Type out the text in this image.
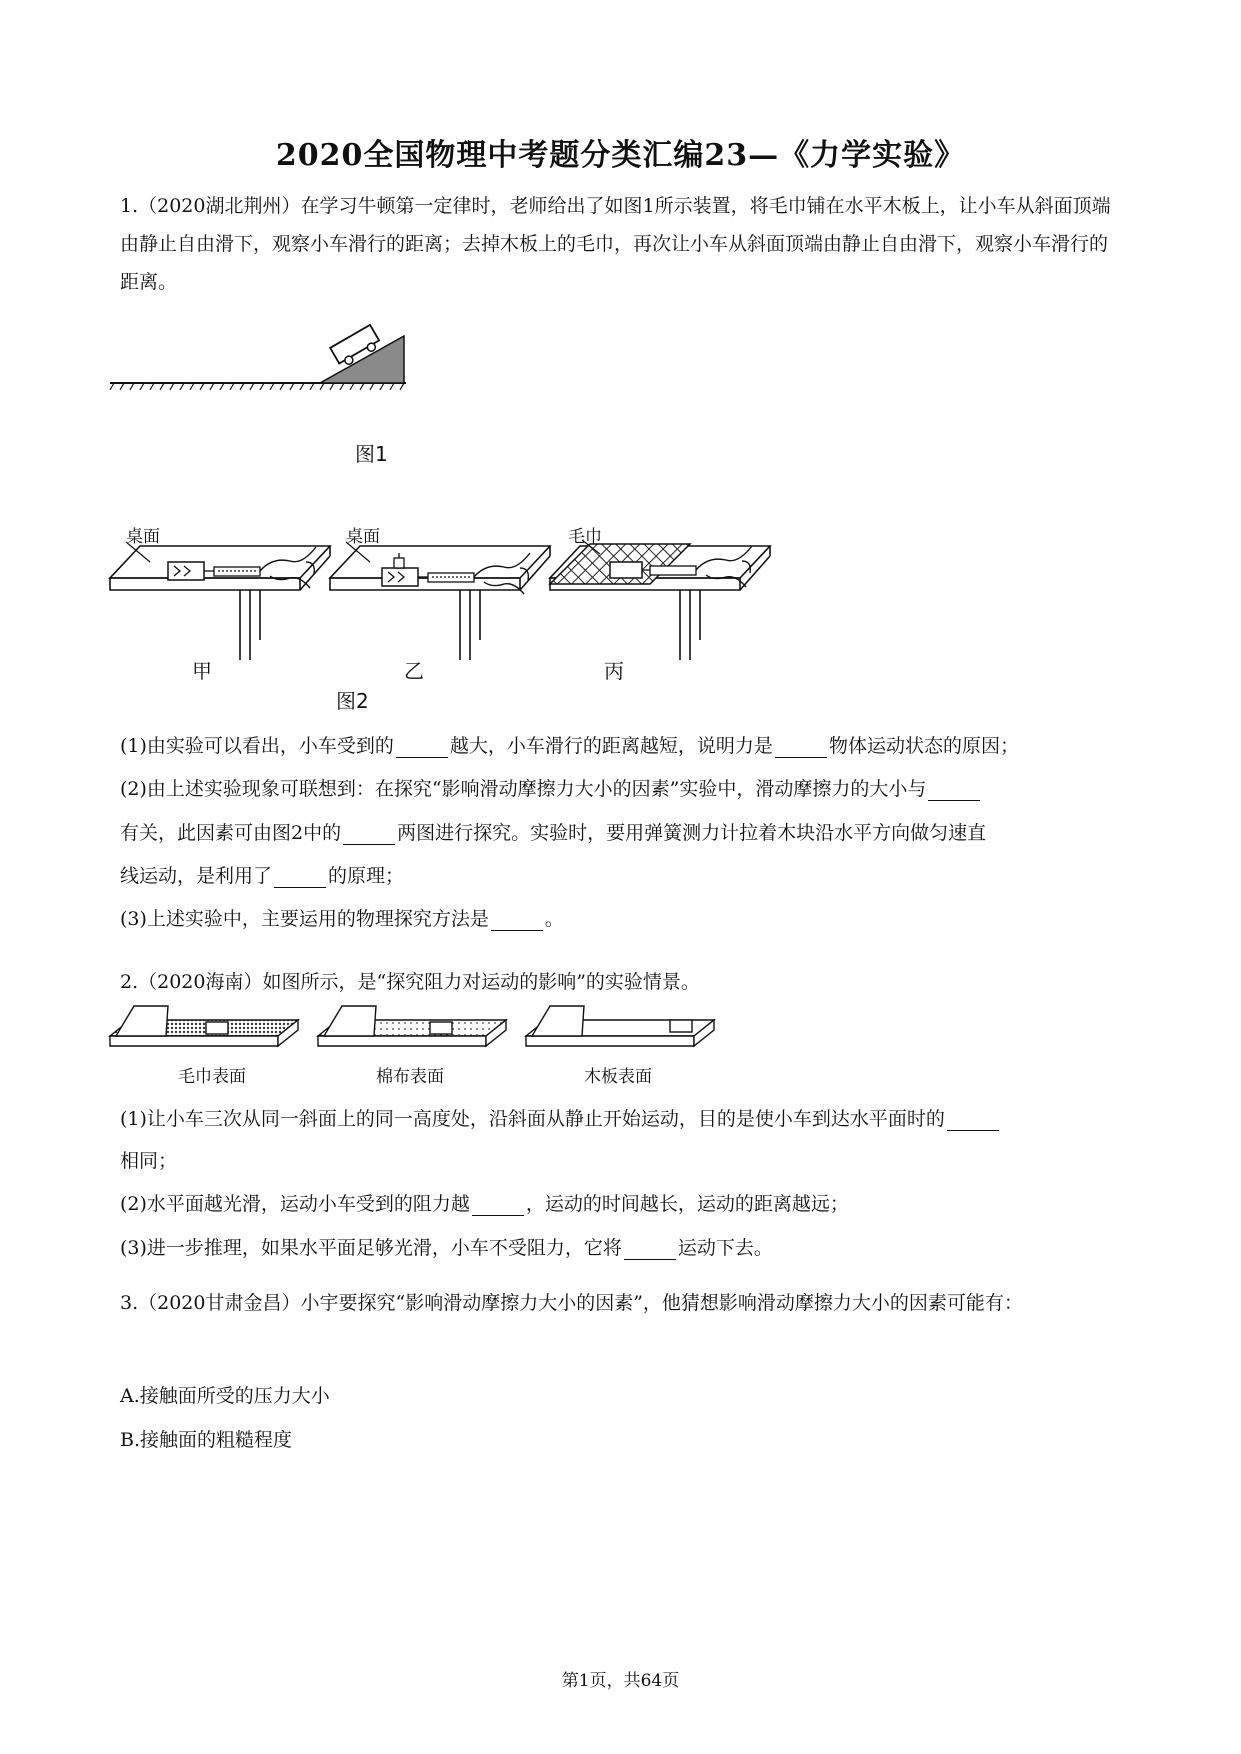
2020全国物理中考题分类汇编23—《力学实验》
1.（2020湖北荆州）在学习牛顿第一定律时，老师给出了如图1所示装置，将毛巾铺在水平木板上，让小车从斜面顶端由静止自由滑下，观察小车滑行的距离；去掉木板上的毛巾，再次让小车从斜面顶端由静止自由滑下，观察小车滑行的距离。
图1
桌面	桌面	毛巾
甲	乙	丙
图2
(1)由实验可以看出，小车受到的	越大，小车滑行的距离越短，说明力是	物体运动状态的原因；
(2)由上述实验现象可联想到：在探究“影响滑动摩擦力大小的因素”实验中，滑动摩擦力的大小与
有关，此因素可由图2中的	两图进行探究。实验时，要用弹簧测力计拉着木块沿水平方向做匀速直
线运动，是利用了	的原理；
(3)上述实验中，主要运用的物理探究方法是	。
2.（2020海南）如图所示，是“探究阻力对运动的影响”的实验情景。
毛巾表面	棉布表面	木板表面
(1)让小车三次从同一斜面上的同一高度处，沿斜面从静止开始运动，目的是使小车到达水平面时的
相同；
(2)水平面越光滑，运动小车受到的阻力越	，运动的时间越长，运动的距离越远；
(3)进一步推理，如果水平面足够光滑，小车不受阻力，它将	运动下去。
3.（2020甘肃金昌）小宇要探究“影响滑动摩擦力大小的因素”，他猜想影响滑动摩擦力大小的因素可能有：
A.接触面所受的压力大小
B.接触面的粗糙程度
第1页，共64页
